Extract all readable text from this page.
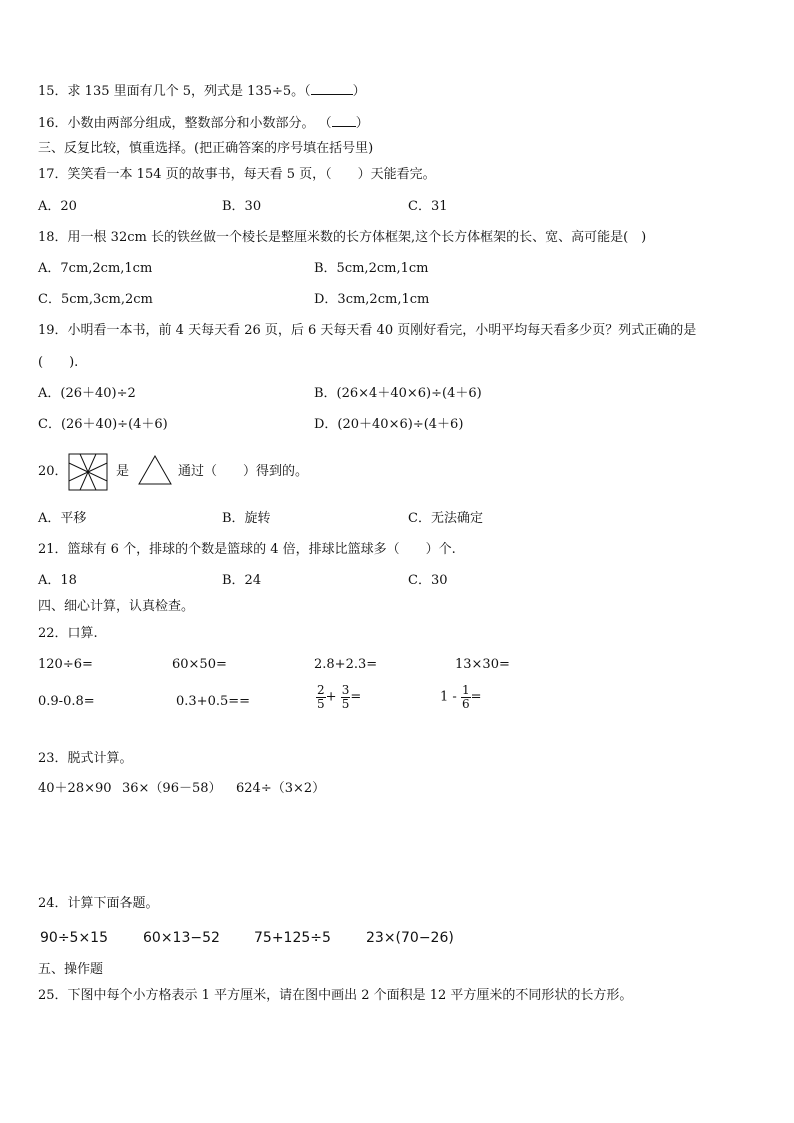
15．求 135 里面有几个 5，列式是 135÷5。（	）
16．小数由两部分组成，整数部分和小数部分。 （ ）
三、反复比较，慎重选择。(把正确答案的序号填在括号里)
17．笑笑看一本 154 页的故事书，每天看 5 页，（　　）天能看完。
A．20	B．30	C．31
18．用一根 32cm 长的铁丝做一个棱长是整厘米数的长方体框架,这个长方体框架的长、宽、高可能是(　)
A．7cm,2cm,1cm	B．5cm,2cm,1cm
C．5cm,3cm,2cm	D．3cm,2cm,1cm
19．小明看一本书，前 4 天每天看 26 页，后 6 天每天看 40 页刚好看完，小明平均每天看多少页？列式正确的是
(　　).
A．(26＋40)÷2	B．(26×4＋40×6)÷(4＋6)
C．(26＋40)÷(4＋6)	D．(20＋40×6)÷(4＋6)
20．	是	通过（　　）得到的。
A．平移	B．旋转	C．无法确定
21．篮球有 6 个，排球的个数是篮球的 4 倍，排球比篮球多（　　）个.
A．18	B．24	C．30
四、细心计算，认真检查。
22．口算.
120÷6=	60×50=	2.8+2.3=	13×30=
0.9-0.8=	0.3+0.5==	$\frac{2}{5} + \frac{3}{5}$ =	$1 - \frac{1}{6}$ =
23．脱式计算。
40＋28×90 36×（96－58） 624÷（3×2）
24．计算下面各题。
90÷5×15	60×13−52 75+125÷5	23×(70−26)
五、操作题
25．下图中每个小方格表示 1 平方厘米，请在图中画出 2 个面积是 12 平方厘米的不同形状的长方形。
